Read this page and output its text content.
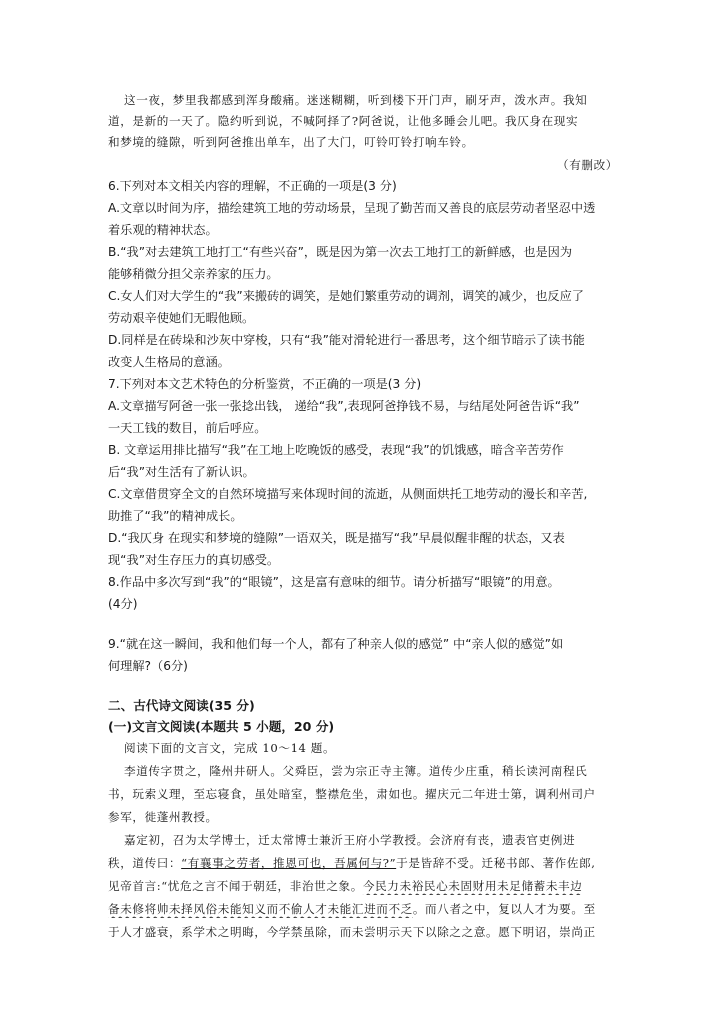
这一夜，梦里我都感到浑身酸痛。迷迷糊糊，听到楼下开门声，刷牙声，泼水声。我知
道，是新的一天了。隐约听到说，不喊阿择了?阿爸说，让他多睡会儿吧。我仄身在现实
和梦境的缝隙，听到阿爸推出单车，出了大门，叮铃叮铃打响车铃。
（有删改）
6.下列对本文相关内容的理解，不正确的一项是(3 分)
A.文章以时间为序，描绘建筑工地的劳动场景，呈现了勤苦而又善良的底层劳动者坚忍中透
着乐观的精神状态。
B.“我”对去建筑工地打工“有些兴奋”，既是因为第一次去工地打工的新鲜感，也是因为
能够稍微分担父亲养家的压力。
C.女人们对大学生的“我”来搬砖的调笑，是她们繁重劳动的调剂，调笑的减少，也反应了
劳动艰辛使她们无暇他顾。
D.同样是在砖垛和沙灰中穿梭，只有“我”能对滑轮进行一番思考，这个细节暗示了读书能
改变人生格局的意涵。
7.下列对本文艺术特色的分析鉴赏，不正确的一项是(3 分)
A.文章描写阿爸一张一张捻出钱， 递给“我”,表现阿爸挣钱不易，与结尾处阿爸告诉“我”
一天工钱的数目，前后呼应。
B. 文章运用排比描写“我”在工地上吃晚饭的感受，表现“我”的饥饿感，暗含辛苦劳作
后“我”对生活有了新认识。
C.文章借贯穿全文的自然环境描写来体现时间的流逝，从侧面烘托工地劳动的漫长和辛苦,
助推了“我”的精神成长。
D.“我仄身 在现实和梦境的缝隙”一语双关，既是描写“我”早晨似醒非醒的状态，又表
现“我”对生存压力的真切感受。
8.作品中多次写到“我”的“眼镜”，这是富有意味的细节。请分析描写“眼镜”的用意。
(4分)
9.“就在这一瞬间，我和他们每一个人，都有了种亲人似的感觉” 中“亲人似的感觉”如
何理解?（6分)
二、古代诗文阅读(35 分)
(一)文言文阅读(本题共 5 小题，20 分)
阅读下面的文言文，完成 10～14 题。
李道传字贯之，隆州井研人。父舜臣，尝为宗正寺主簿。道传少庄重，稍长读河南程氏
书，玩索义理，至忘寝食，虽处暗室，整襟危坐，肃如也。擢庆元二年进士第，调利州司户
参军，徙蓬州教授。
嘉定初，召为太学博士，迁太常博士兼沂王府小学教授。会济府有丧，遗表官吏例进
秩，道传曰：“有襄事之劳者，推恩可也，吾属何与?”于是皆辞不受。迁秘书郎、著作佐郎,
见帝首言:“忧危之言不闻于朝廷，非治世之象。今民力未裕民心未固财用未足储蓄未丰边
备未修将帅未择风俗未能知义而不偷人才未能汇进而不乏。而八者之中，复以人才为要。至
于人才盛衰，系学术之明晦，今学禁虽除，而未尝明示天下以除之之意。愿下明诏，崇尚正
